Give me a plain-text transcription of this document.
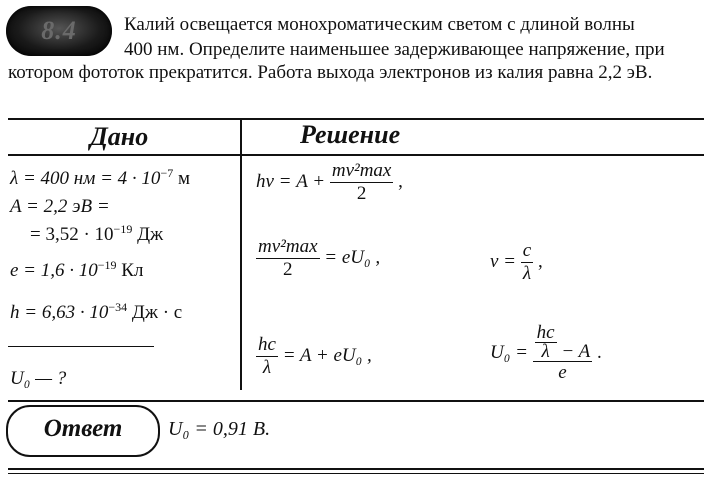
8.4	Калий освещается монохроматическим светом с длиной волны
400 нм. Определите наименьшее задерживающее напряжение, при
котором фототок прекратится. Работа выхода электронов из калия равна 2,2 эВ.
Дано	Решение
λ = 400 нм = $4 \cdot 10^{-7}$ м
A = 2,2 эВ =
= $3,52 \cdot 10^{-19}$ Дж
$e = 1,6 \cdot 10^{-19}$ Кл
$h = 6,63 \cdot 10^{-34}$ Дж · с
U₀ — ?
$h\nu = A + \frac{\text{mv²max}}{2}$ ,
$\frac{\text{mv²max}}{2} = eU_0$ ,	$\nu = \frac{c}{\lambda}$ ,
$\frac{hc}{\lambda} = A + eU_0$ ,	$U_0 = \frac{\frac{hc}{\lambda} - A}{e}$ .
Ответ	U₀ = 0,91 В.
